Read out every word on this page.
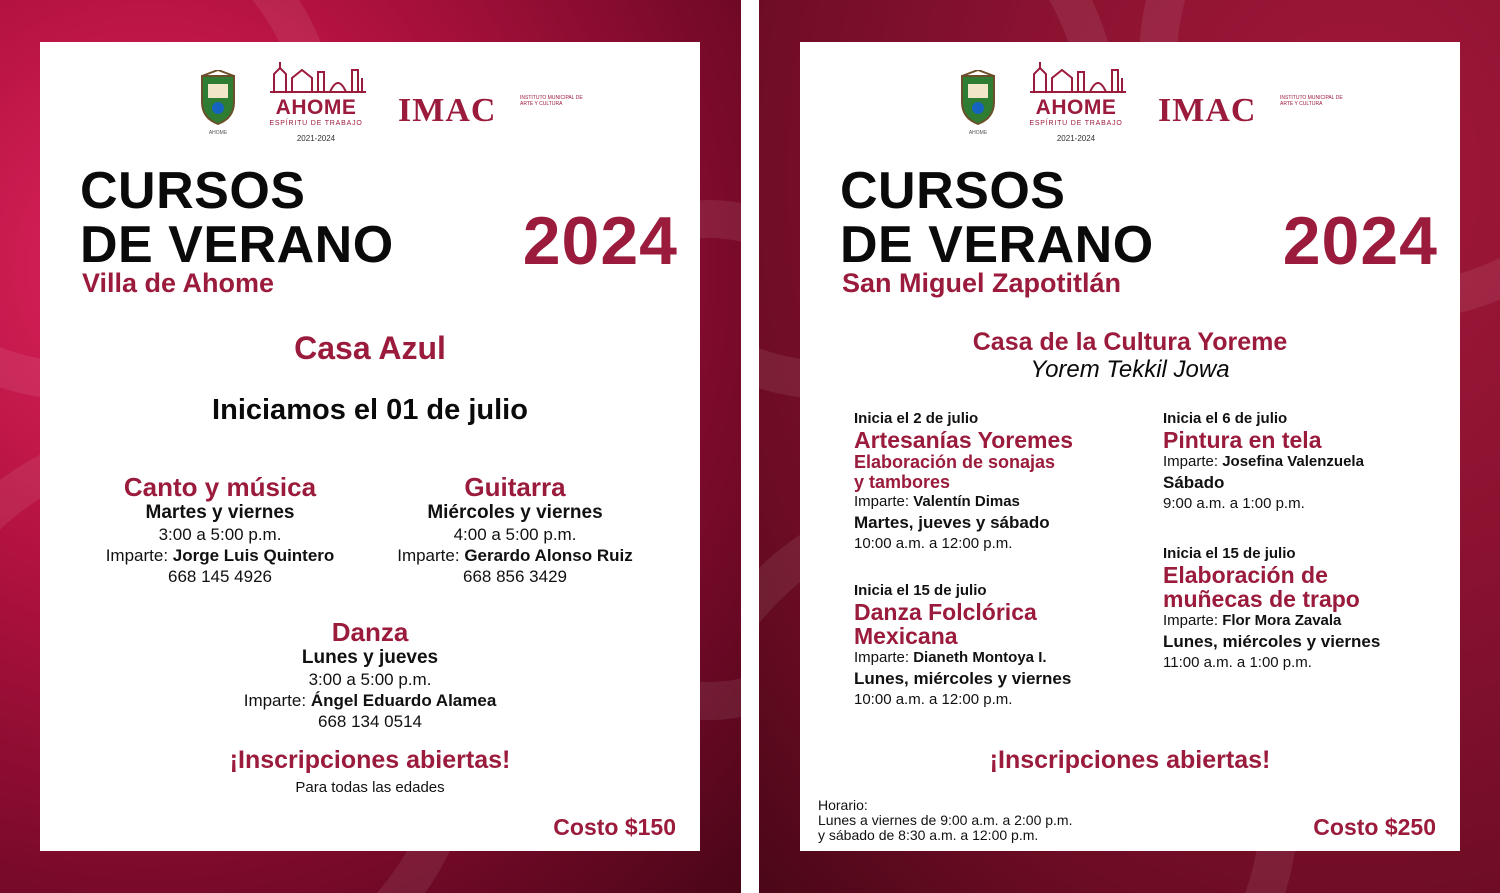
AHOME
AHOME
ESPÍRITU DE TRABAJO
2021-2024
IMAC	INSTITUTO MUNICIPAL DE ARTE Y CULTURA
CURSOS
DE VERANO 2024
Villa de Ahome
Casa Azul
Iniciamos el 01 de julio
Canto y música
Martes y viernes
3:00 a 5:00 p.m.
Imparte: Jorge Luis Quintero
668 145 4926
Guitarra
Miércoles y viernes
4:00 a 5:00 p.m.
Imparte: Gerardo Alonso Ruiz
668 856 3429
Danza
Lunes y jueves
3:00 a 5:00 p.m.
Imparte: Ángel Eduardo Alamea
668 134 0514
¡Inscripciones abiertas!
Para todas las edades
Costo $150
AHOME
AHOME
ESPÍRITU DE TRABAJO
2021-2024
IMAC	INSTITUTO MUNICIPAL DE ARTE Y CULTURA
CURSOS
DE VERANO 2024
San Miguel Zapotitlán
Casa de la Cultura Yoreme
Yorem Tekkil Jowa
Inicia el 2 de julio
Artesanías Yoremes
Elaboración de sonajas
y tambores
Imparte: Valentín Dimas
Martes, jueves y sábado
10:00 a.m. a 12:00 p.m.
Inicia el 6 de julio
Pintura en tela
Imparte: Josefina Valenzuela
Sábado
9:00 a.m. a 1:00 p.m.
Inicia el 15 de julio
Danza Folclórica
Mexicana
Imparte: Dianeth Montoya I.
Lunes, miércoles y viernes
10:00 a.m. a 12:00 p.m.
Inicia el 15 de julio
Elaboración de
muñecas de trapo
Imparte: Flor Mora Zavala
Lunes, miércoles y viernes
11:00 a.m. a 1:00 p.m.
¡Inscripciones abiertas!
Horario:
Lunes a viernes de 9:00 a.m. a 2:00 p.m.
y sábado de 8:30 a.m. a 12:00 p.m.	Costo $250
